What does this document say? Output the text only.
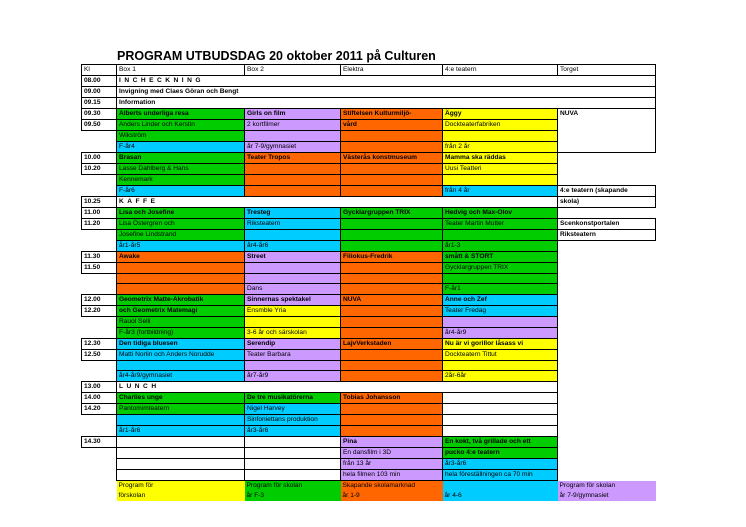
PROGRAM UTBUDSDAG 20 oktober 2011 på Culturen
Kl	Box 1	Box 2	Elektra	4:e teatern	Torget
08.00	INCHECKNING				
09.00	Invigning med Claes Göran och Bengt				
09.15	Information				
09.30	Alberts underliga resa	Girls on film	Stiftelsen Kulturmiljö-	Äggy	NUVA
09.50	Anders Linder och Kerstin	2 kortfilmer	vård	Dockteaterfabriken	
	Wikström				
	F-år4	år 7-9/gymnasiet		från 2 år	
10.00	Brasan	Teater Tropos	Västerås konstmuseum	Mamma ska räddas	
10.20	Lasse Dahlberg & Hans			Uusi Teatteri	
	Kennemark				
	F-år6			från 4 år	4:e teatern (skapande
10.25	KAFFE				skola)
11.00	Lisa och Josefine	Tresteg	Gycklargruppen TRIX	Hedvig och Max-Olov	
11.20	Lisa Östergren och	Riksteatern		Teater Martin Mutter	Scenkonstportalen
	Josefine Lindstrand				Riksteatern
	år1-år5	år4-år6		år1-3	
11.30	Awake	Street	Filiokus-Fredrik	smått & STORT	
11.50				Gycklargruppen TRIX	

		Dans		F-år1	
12.00	Geometrix Matte-Akrobatik	Sinnernas spektakel	NUVA	Anne och Zef	
12.20	och Geometrix Matemagi	Ensmble Yria		Teater Fredag	
	Rauol Selli				
	F-år3 (fortbildning)	3-6 år och särskolan		år4-år9	
12.30	Den tidiga bluesen	Serendip	LajvVerkstaden	Nu är vi gorillor låsass vi	
12.50	Matti Norlin och Anders Norudde	Teater Barbara		Dockteatern Tittut	

	år4-år9/gymnasiet	år7-år9		2år-6år	
13.00	LUNCH				
14.00	Charlies unge	De tre musikatörerna	Tobias Johansson		
14.20	Pantomimteatern	Nigel Harvey			
		Sinfoniettans produktion			
	år1-år6	år3-år6			
14.30			Pina	En kokt, två grillade och ett	
			En dansfilm i 3D	pucko 4:e teatern	
			från 13 år	år3-år6	
			hela filmen 103 min	hela föreställningen ca 70 min	
	Program för	Program för skolan	Skapande skolamarknad		Program för skolan
	förskolan	år F-3	år 1-9	år 4-6	år 7-9/gymnasiet
